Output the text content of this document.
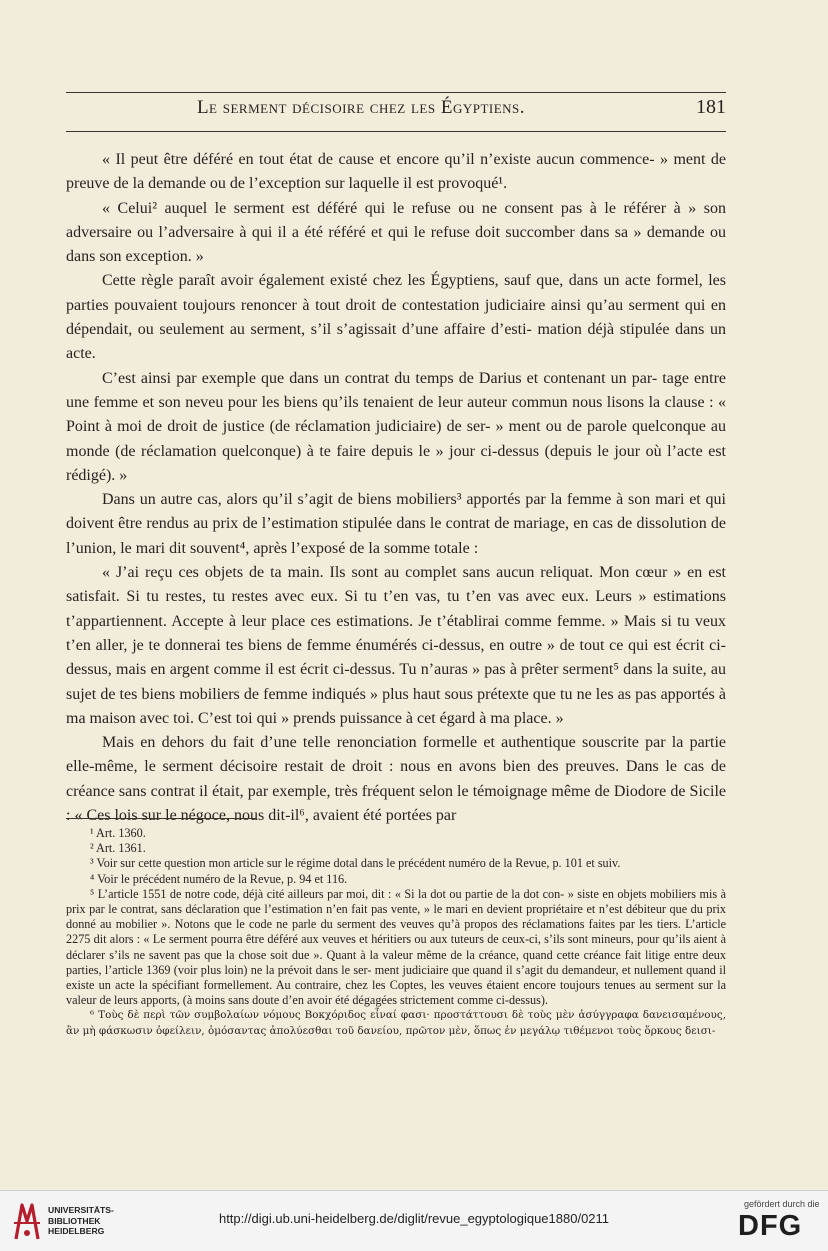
Le serment décisoire chez les Égyptiens.	181

« Il peut être déféré en tout état de cause et encore qu’il n’existe aucun commence- » ment de preuve de la demande ou de l’exception sur laquelle il est provoqué¹.

« Celui² auquel le serment est déféré qui le refuse ou ne consent pas à le référer à » son adversaire ou l’adversaire à qui il a été référé et qui le refuse doit succomber dans sa » demande ou dans son exception. »

Cette règle paraît avoir également existé chez les Égyptiens, sauf que, dans un acte formel, les parties pouvaient toujours renoncer à tout droit de contestation judiciaire ainsi qu’au serment qui en dépendait, ou seulement au serment, s’il s’agissait d’une affaire d’esti- mation déjà stipulée dans un acte.

C’est ainsi par exemple que dans un contrat du temps de Darius et contenant un par- tage entre une femme et son neveu pour les biens qu’ils tenaient de leur auteur commun nous lisons la clause : « Point à moi de droit de justice (de réclamation judiciaire) de ser- » ment ou de parole quelconque au monde (de réclamation quelconque) à te faire depuis le » jour ci-dessus (depuis le jour où l’acte est rédigé). »

Dans un autre cas, alors qu’il s’agit de biens mobiliers³ apportés par la femme à son mari et qui doivent être rendus au prix de l’estimation stipulée dans le contrat de mariage, en cas de dissolution de l’union, le mari dit souvent⁴, après l’exposé de la somme totale :

« J’ai reçu ces objets de ta main. Ils sont au complet sans aucun reliquat. Mon cœur » en est satisfait. Si tu restes, tu restes avec eux. Si tu t’en vas, tu t’en vas avec eux. Leurs » estimations t’appartiennent. Accepte à leur place ces estimations. Je t’établirai comme femme. » Mais si tu veux t’en aller, je te donnerai tes biens de femme énumérés ci-dessus, en outre » de tout ce qui est écrit ci-dessus, mais en argent comme il est écrit ci-dessus. Tu n’auras » pas à prêter serment⁵ dans la suite, au sujet de tes biens mobiliers de femme indiqués » plus haut sous prétexte que tu ne les as pas apportés à ma maison avec toi. C’est toi qui » prends puissance à cet égard à ma place. »

Mais en dehors du fait d’une telle renonciation formelle et authentique souscrite par la partie elle-même, le serment décisoire restait de droit : nous en avons bien des preuves. Dans le cas de créance sans contrat il était, par exemple, très fréquent selon le témoignage même de Diodore de Sicile : « Ces lois sur le négoce, nous dit-il⁶, avaient été portées par

¹ Art. 1360.

² Art. 1361.

³ Voir sur cette question mon article sur le régime dotal dans le précédent numéro de la Revue, p. 101 et suiv.

⁴ Voir le précédent numéro de la Revue, p. 94 et 116.

⁵ L’article 1551 de notre code, déjà cité ailleurs par moi, dit : « Si la dot ou partie de la dot con- » siste en objets mobiliers mis à prix par le contrat, sans déclaration que l’estimation n’en fait pas vente, » le mari en devient propriétaire et n’est débiteur que du prix donné au mobilier ». Notons que le code ne parle du serment des veuves qu’à propos des réclamations faites par les tiers. L’article 2275 dit alors : « Le serment pourra être déféré aux veuves et héritiers ou aux tuteurs de ceux-ci, s’ils sont mineurs, pour qu’ils aient à déclarer s’ils ne savent pas que la chose soit due ». Quant à la valeur même de la créance, quand cette créance fait litige entre deux parties, l’article 1369 (voir plus loin) ne la prévoit dans le ser- ment judiciaire que quand il s’agit du demandeur, et nullement quand il existe un acte la spécifiant formellement. Au contraire, chez les Coptes, les veuves étaient encore toujours tenues au serment sur la valeur de leurs apports, (à moins sans doute d’en avoir été dégagées strictement comme ci-dessus).

⁶ Τοὺς δὲ περὶ τῶν συμβολαίων νόμους Βοκχόριδος εἶναί φασι· προστάττουσι δὲ τοὺς μὲν ἀσύγγραφα δανεισαμένους, ἂν μὴ φάσκωσιν ὀφείλειν, ὀμόσαντας ἀπολύεσθαι τοῦ δανείου, πρῶτον μὲν, ὅπως ἐν μεγάλῳ τιθέμενοι τοὺς ὅρκους δεισι-

UNIVERSITÄTS-
BIBLIOTHEK
HEIDELBERG
http://digi.ub.uni-heidelberg.de/diglit/revue_egyptologique1880/0211
gefördert durch die
DFG
